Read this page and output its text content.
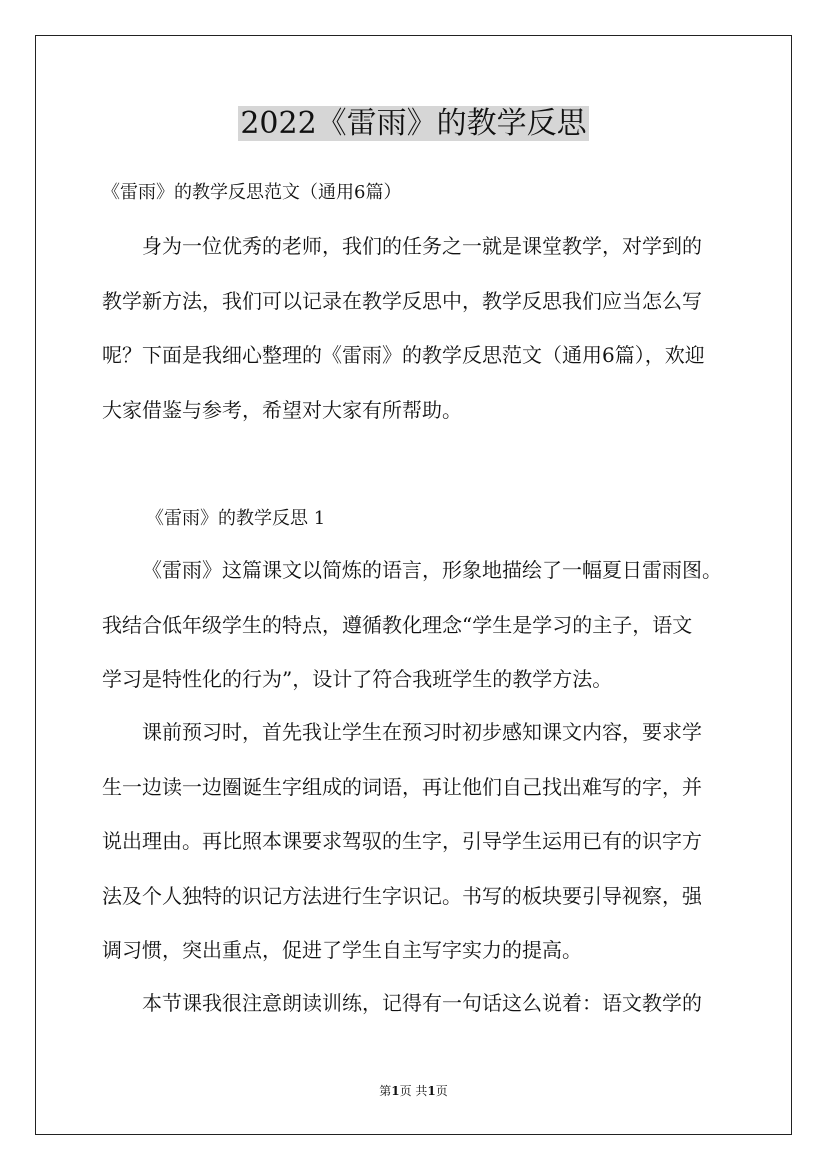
2022《雷雨》的教学反思
《雷雨》的教学反思范文（通用6篇）

身为一位优秀的老师，我们的任务之一就是课堂教学，对学到的
教学新方法，我们可以记录在教学反思中，教学反思我们应当怎么写
呢？下面是我细心整理的《雷雨》的教学反思范文（通用6篇），欢迎
大家借鉴与参考，希望对大家有所帮助。

《雷雨》的教学反思 1

《雷雨》这篇课文以简炼的语言，形象地描绘了一幅夏日雷雨图。
我结合低年级学生的特点，遵循教化理念“学生是学习的主子，语文
学习是特性化的行为”，设计了符合我班学生的教学方法。

课前预习时，首先我让学生在预习时初步感知课文内容，要求学
生一边读一边圈诞生字组成的词语，再让他们自己找出难写的字，并
说出理由。再比照本课要求驾驭的生字，引导学生运用已有的识字方
法及个人独特的识记方法进行生字识记。书写的板块要引导视察，强
调习惯，突出重点，促进了学生自主写字实力的提高。

本节课我很注意朗读训练，记得有一句话这么说着：语文教学的

第1页 共1页
